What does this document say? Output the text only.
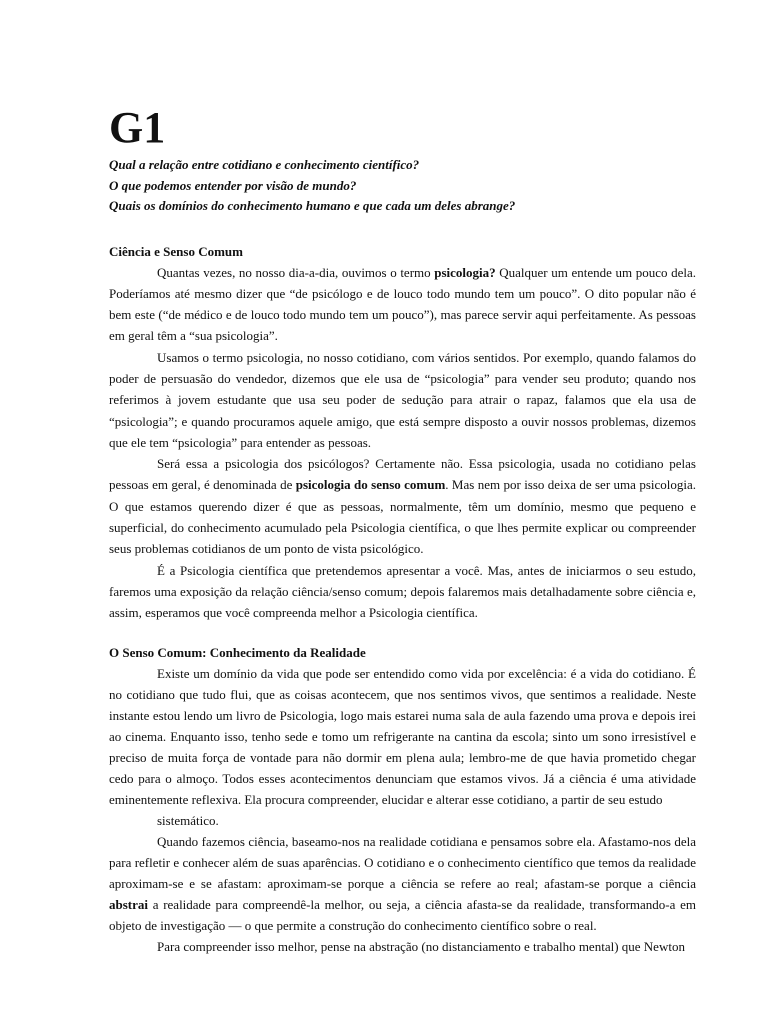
G1
Qual a relação entre cotidiano e conhecimento científico?
O que podemos entender por visão de mundo?
Quais os domínios do conhecimento humano e que cada um deles abrange?
Ciência e Senso Comum

Quantas vezes, no nosso dia-a-dia, ouvimos o termo psicologia? Qualquer um entende um pouco dela. Poderíamos até mesmo dizer que “de psicólogo e de louco todo mundo tem um pouco”. O dito popular não é bem este (“de médico e de louco todo mundo tem um pouco”), mas parece servir aqui perfeitamente. As pessoas em geral têm a “sua psicologia”.

Usamos o termo psicologia, no nosso cotidiano, com vários sentidos. Por exemplo, quando falamos do poder de persuasão do vendedor, dizemos que ele usa de “psicologia” para vender seu produto; quando nos referimos à jovem estudante que usa seu poder de sedução para atrair o rapaz, falamos que ela usa de “psicologia”; e quando procuramos aquele amigo, que está sempre disposto a ouvir nossos problemas, dizemos que ele tem “psicologia” para entender as pessoas.

Será essa a psicologia dos psicólogos? Certamente não. Essa psicologia, usada no cotidiano pelas pessoas em geral, é denominada de psicologia do senso comum. Mas nem por isso deixa de ser uma psicologia. O que estamos querendo dizer é que as pessoas, normalmente, têm um domínio, mesmo que pequeno e superficial, do conhecimento acumulado pela Psicologia científica, o que lhes permite explicar ou compreender seus problemas cotidianos de um ponto de vista psicológico.

É a Psicologia científica que pretendemos apresentar a você. Mas, antes de iniciarmos o seu estudo, faremos uma exposição da relação ciência/senso comum; depois falaremos mais detalhadamente sobre ciência e, assim, esperamos que você compreenda melhor a Psicologia científica.

O Senso Comum: Conhecimento da Realidade

Existe um domínio da vida que pode ser entendido como vida por excelência: é a vida do cotidiano. É no cotidiano que tudo flui, que as coisas acontecem, que nos sentimos vivos, que sentimos a realidade. Neste instante estou lendo um livro de Psicologia, logo mais estarei numa sala de aula fazendo uma prova e depois irei ao cinema. Enquanto isso, tenho sede e tomo um refrigerante na cantina da escola; sinto um sono irresistível e preciso de muita força de vontade para não dormir em plena aula; lembro-me de que havia prometido chegar cedo para o almoço. Todos esses acontecimentos denunciam que estamos vivos. Já a ciência é uma atividade eminentemente reflexiva. Ela procura compreender, elucidar e alterar esse cotidiano, a partir de seu estudo

sistemático.

Quando fazemos ciência, baseamo-nos na realidade cotidiana e pensamos sobre ela. Afastamo-nos dela para refletir e conhecer além de suas aparências. O cotidiano e o conhecimento científico que temos da realidade aproximam-se e se afastam: aproximam-se porque a ciência se refere ao real; afastam-se porque a ciência abstrai a realidade para compreendê-la melhor, ou seja, a ciência afasta-se da realidade, transformando-a em objeto de investigação — o que permite a construção do conhecimento científico sobre o real.

Para compreender isso melhor, pense na abstração (no distanciamento e trabalho mental) que Newton
